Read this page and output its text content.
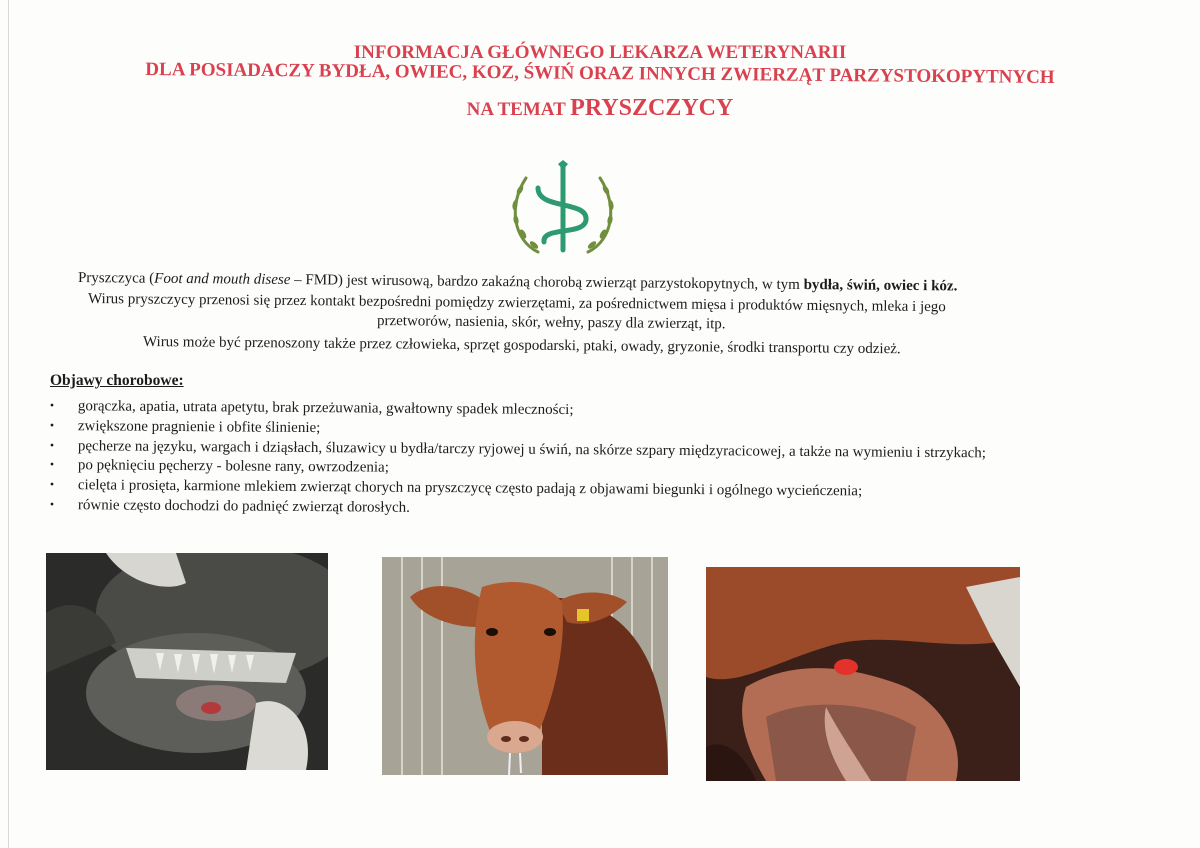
INFORMACJA GŁÓWNEGO LEKARZA WETERYNARII
DLA POSIADACZY BYDŁA, OWIEC, KOZ, ŚWIŃ ORAZ INNYCH ZWIERZĄT PARZYSTOKOPYTNYCH
NA TEMAT PRYSZCZYCY
Pryszczyca (Foot and mouth disese – FMD) jest wirusową, bardzo zakaźną chorobą zwierząt parzystokopytnych, w tym bydła, świń, owiec i kóz.
Wirus pryszczycy przenosi się przez kontakt bezpośredni pomiędzy zwierzętami, za pośrednictwem mięsa i produktów mięsnych, mleka i jego
przetworów, nasienia, skór, wełny, paszy dla zwierząt, itp.
Wirus może być przenoszony także przez człowieka, sprzęt gospodarski, ptaki, owady, gryzonie, środki transportu czy odzież.
Objawy chorobowe:
• gorączka, apatia, utrata apetytu, brak przeżuwania, gwałtowny spadek mleczności;
• zwiększone pragnienie i obfite ślinienie;
• pęcherze na języku, wargach i dziąsłach, śluzawicy u bydła/tarczy ryjowej u świń, na skórze szpary międzyracicowej, a także na wymieniu i strzykach;
• po pęknięciu pęcherzy - bolesne rany, owrzodzenia;
• cielęta i prosięta, karmione mlekiem zwierząt chorych na pryszczycę często padają z objawami biegunki i ogólnego wycieńczenia;
• równie często dochodzi do padnięć zwierząt dorosłych.
